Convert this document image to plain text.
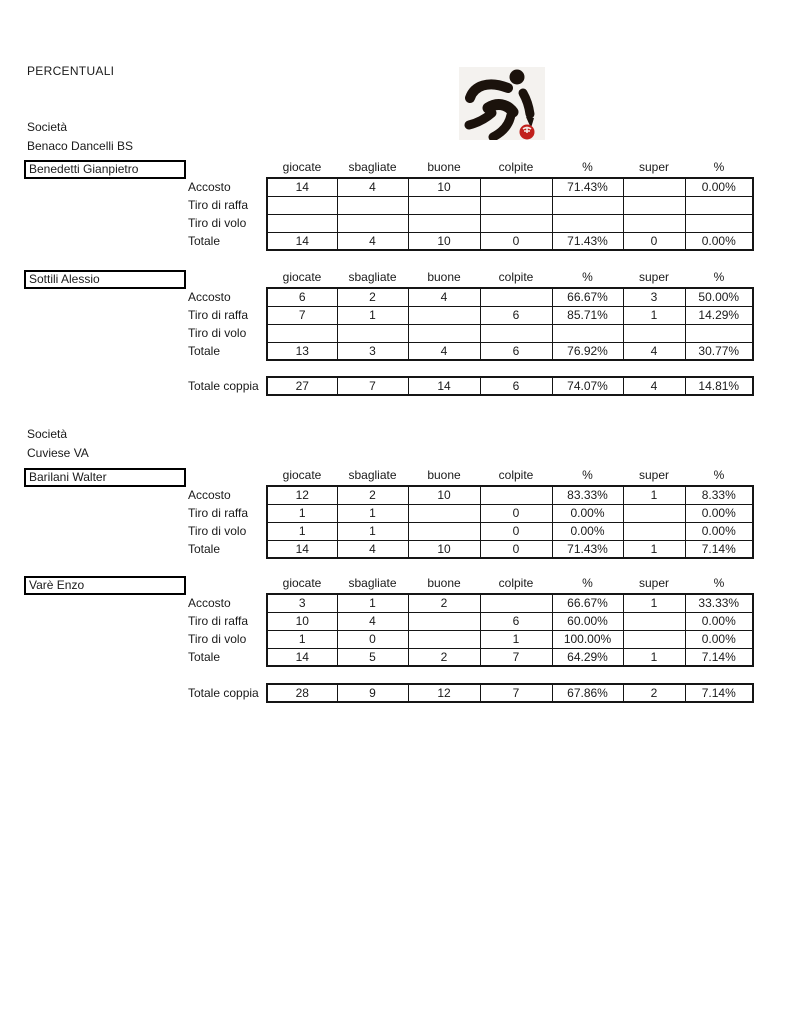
PERCENTUALI
Società
Benaco Dancelli BS
Benedetti Gianpietro
		giocate	sbagliate	buone	colpite	%	super	%
Accosto	14	4	10		71.43%		0.00%
Tiro di raffa							
Tiro di volo							
Totale	14	4	10	0	71.43%	0	0.00%
Sottili Alessio
		giocate	sbagliate	buone	colpite	%	super	%
Accosto	6	2	4		66.67%	3	50.00%
Tiro di raffa	7	1		6	85.71%	1	14.29%
Tiro di volo							
Totale	13	3	4	6	76.92%	4	30.77%
Totale coppia	27	7	14	6	74.07%	4	14.81%
Società
Cuviese VA
Barilani Walter
		giocate	sbagliate	buone	colpite	%	super	%
Accosto	12	2	10		83.33%	1	8.33%
Tiro di raffa	1	1		0	0.00%		0.00%
Tiro di volo	1	1		0	0.00%		0.00%
Totale	14	4	10	0	71.43%	1	7.14%
Varè Enzo
		giocate	sbagliate	buone	colpite	%	super	%
Accosto	3	1	2		66.67%	1	33.33%
Tiro di raffa	10	4		6	60.00%		0.00%
Tiro di volo	1	0		1	100.00%		0.00%
Totale	14	5	2	7	64.29%	1	7.14%
Totale coppia	28	9	12	7	67.86%	2	7.14%
